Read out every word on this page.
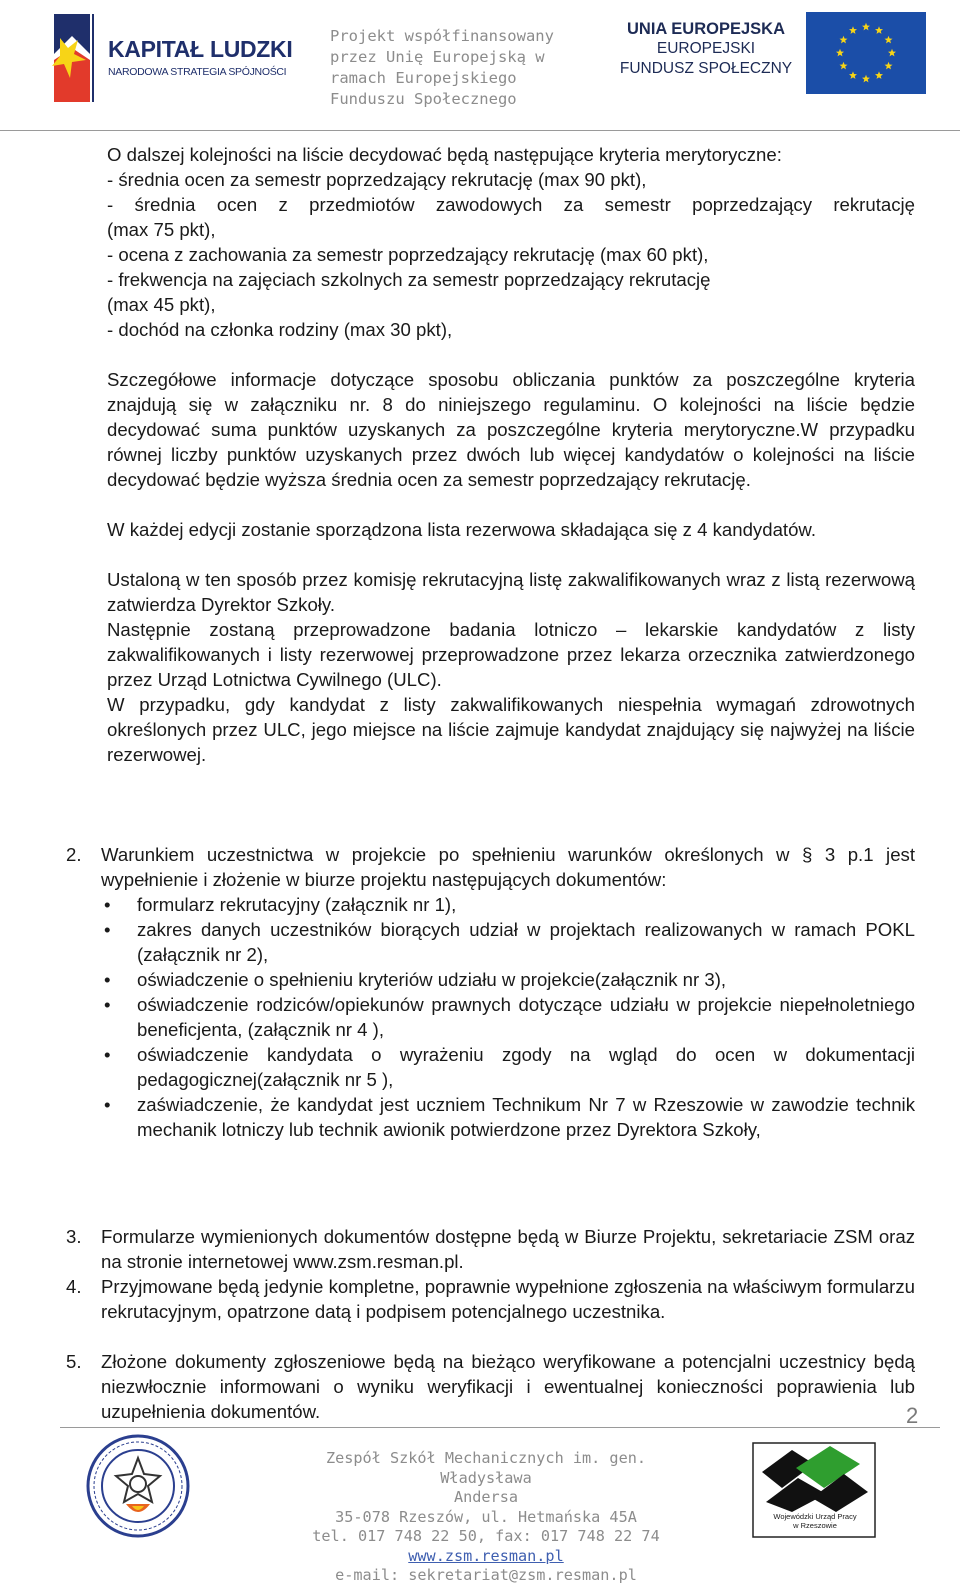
KAPITAŁ LUDZKI
NARODOWA STRATEGIA SPÓJNOŚCI
Projekt współfinansowany
przez Unię Europejską w
ramach Europejskiego
Funduszu Społecznego
UNIA EUROPEJSKA
EUROPEJSKI
FUNDUSZ SPOŁECZNY
O dalszej kolejności na liście decydować będą następujące kryteria merytoryczne:
- średnia ocen za semestr poprzedzający rekrutację (max 90 pkt),
- średnia ocen z przedmiotów zawodowych za semestr poprzedzający rekrutację
(max 75 pkt),
- ocena z zachowania za semestr poprzedzający rekrutację (max 60 pkt),
- frekwencja na zajęciach szkolnych za semestr poprzedzający rekrutację
(max 45 pkt),
- dochód na członka rodziny (max 30 pkt),
Szczegółowe informacje dotyczące sposobu obliczania punktów za poszczególne kryteria znajdują się w załączniku nr. 8 do niniejszego regulaminu. O kolejności na liście będzie decydować suma punktów uzyskanych za poszczególne kryteria merytoryczne.W przypadku równej liczby punktów uzyskanych przez dwóch lub więcej kandydatów o kolejności na liście decydować będzie wyższa średnia ocen za semestr poprzedzający rekrutację.
W każdej edycji zostanie sporządzona lista rezerwowa składająca się z 4 kandydatów.
Ustaloną w ten sposób przez komisję rekrutacyjną listę zakwalifikowanych wraz z listą rezerwową zatwierdza Dyrektor Szkoły.
Następnie zostaną przeprowadzone badania lotniczo – lekarskie kandydatów z listy zakwalifikowanych i listy rezerwowej przeprowadzone przez lekarza orzecznika zatwierdzonego przez Urząd Lotnictwa Cywilnego (ULC).
W przypadku, gdy kandydat z listy zakwalifikowanych niespełnia wymagań zdrowotnych określonych przez ULC, jego miejsce na liście zajmuje kandydat znajdujący się najwyżej na liście rezerwowej.
2. Warunkiem uczestnictwa w projekcie po spełnieniu warunków określonych w § 3 p.1 jest wypełnienie i złożenie w biurze projektu następujących dokumentów:
• formularz rekrutacyjny (załącznik nr 1),
• zakres danych uczestników biorących udział w projektach realizowanych w ramach POKL (załącznik nr 2),
• oświadczenie o spełnieniu kryteriów udziału w projekcie(załącznik nr 3),
• oświadczenie rodziców/opiekunów prawnych dotyczące udziału w projekcie niepełnoletniego beneficjenta, (załącznik nr 4 ),
• oświadczenie kandydata o wyrażeniu zgody na wgląd do ocen w dokumentacji pedagogicznej(załącznik nr 5 ),
• zaświadczenie, że kandydat jest uczniem Technikum Nr 7 w Rzeszowie w zawodzie technik mechanik lotniczy lub technik awionik potwierdzone przez Dyrektora Szkoły,
3. Formularze wymienionych dokumentów dostępne będą w Biurze Projektu, sekretariacie ZSM oraz na stronie internetowej www.zsm.resman.pl.
4. Przyjmowane będą jedynie kompletne, poprawnie wypełnione zgłoszenia na właściwym formularzu rekrutacyjnym, opatrzone datą i podpisem potencjalnego uczestnika.
5. Złożone dokumenty zgłoszeniowe będą na bieżąco weryfikowane a potencjalni uczestnicy będą niezwłocznie informowani o wyniku weryfikacji i ewentualnej konieczności poprawienia lub uzupełnienia dokumentów.	2
Zespół Szkół Mechanicznych im. gen. Władysława
Andersa
35-078 Rzeszów, ul. Hetmańska 45A
tel. 017 748 22 50, fax: 017 748 22 74
www.zsm.resman.pl
e-mail: sekretariat@zsm.resman.pl
Wojewódzki Urząd Pracy
w Rzeszowie
